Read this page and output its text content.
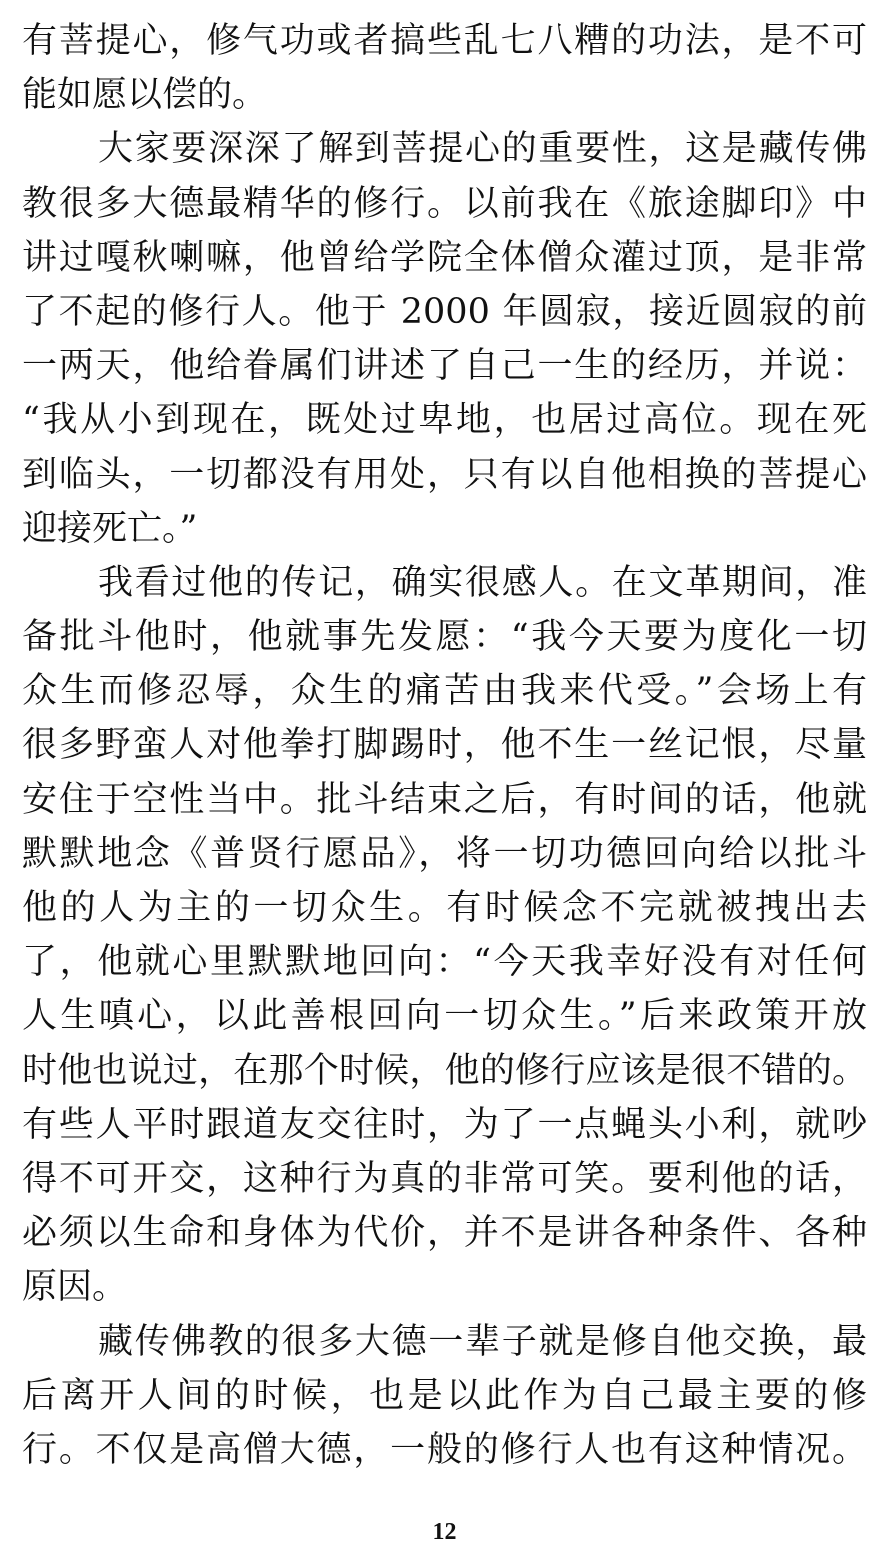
有菩提心，修气功或者搞些乱七八糟的功法，是不可
能如愿以偿的。
大家要深深了解到菩提心的重要性，这是藏传佛
教很多大德最精华的修行。以前我在《旅途脚印》中
讲过嘎秋喇嘛，他曾给学院全体僧众灌过顶，是非常
了不起的修行人。他于 2000 年圆寂，接近圆寂的前
一两天，他给眷属们讲述了自己一生的经历，并说：
“我从小到现在，既处过卑地，也居过高位。现在死
到临头，一切都没有用处，只有以自他相换的菩提心
迎接死亡。”
我看过他的传记，确实很感人。在文革期间，准
备批斗他时，他就事先发愿：“我今天要为度化一切
众生而修忍辱，众生的痛苦由我来代受。”会场上有
很多野蛮人对他拳打脚踢时，他不生一丝记恨，尽量
安住于空性当中。批斗结束之后，有时间的话，他就
默默地念《普贤行愿品》，将一切功德回向给以批斗
他的人为主的一切众生。有时候念不完就被拽出去
了，他就心里默默地回向：“今天我幸好没有对任何
人生嗔心，以此善根回向一切众生。”后来政策开放
时他也说过，在那个时候，他的修行应该是很不错的。
有些人平时跟道友交往时，为了一点蝇头小利，就吵
得不可开交，这种行为真的非常可笑。要利他的话，
必须以生命和身体为代价，并不是讲各种条件、各种
原因。
藏传佛教的很多大德一辈子就是修自他交换，最
后离开人间的时候，也是以此作为自己最主要的修
行。不仅是高僧大德，一般的修行人也有这种情况。
12
